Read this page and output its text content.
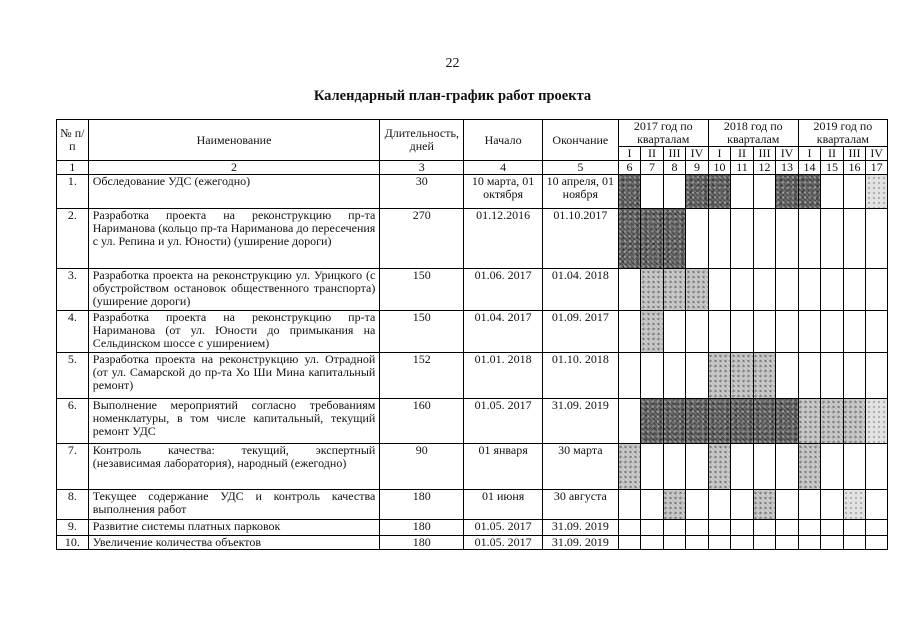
22
Календарный план-график работ проекта
№ п/п	Наименование	Длительность, дней	Начало	Окончание	2017 год по кварталам				2018 год по кварталам				2019 год по кварталам			
					I	II	III	IV	I	II	III	IV	I	II	III	IV
1	2	3	4	5	6	7	8	9	10	11	12	13	14	15	16	17
1.	Обследование УДС (ежегодно)	30	10 марта, 01 октября	10 апреля, 01 ноября												
2.	Разработка проекта на реконструкцию пр-та Нариманова (кольцо пр-та Нариманова до пересечения с ул. Репина и ул. Юности) (уширение дороги)	270	01.12.2016	01.10.2017												
3.	Разработка проекта на реконструкцию ул. Урицкого (с обустройством остановок общественного транспорта) (уширение дороги)	150	01.06. 2017	01.04. 2018												
4.	Разработка проекта на реконструкцию пр-та Нариманова (от ул. Юности до примыкания на Сельдинском шоссе с уширением)	150	01.04. 2017	01.09. 2017												
5.	Разработка проекта на реконструкцию ул. Отрадной (от ул. Самарской до пр-та Хо Ши Мина капитальный ремонт)	152	01.01. 2018	01.10. 2018												
6.	Выполнение мероприятий согласно требованиям номенклатуры, в том числе капитальный, текущий ремонт УДС	160	01.05. 2017	31.09. 2019												
7.	Контроль качества: текущий, экспертный (независимая лаборатория), народный (ежегодно)	90	01 января	30 марта												
8.	Текущее содержание УДС и контроль качества выполнения работ	180	01 июня	30 августа												
9.	Развитие системы платных парковок	180	01.05. 2017	31.09. 2019												
10.	Увеличение количества объектов	180	01.05. 2017	31.09. 2019												
